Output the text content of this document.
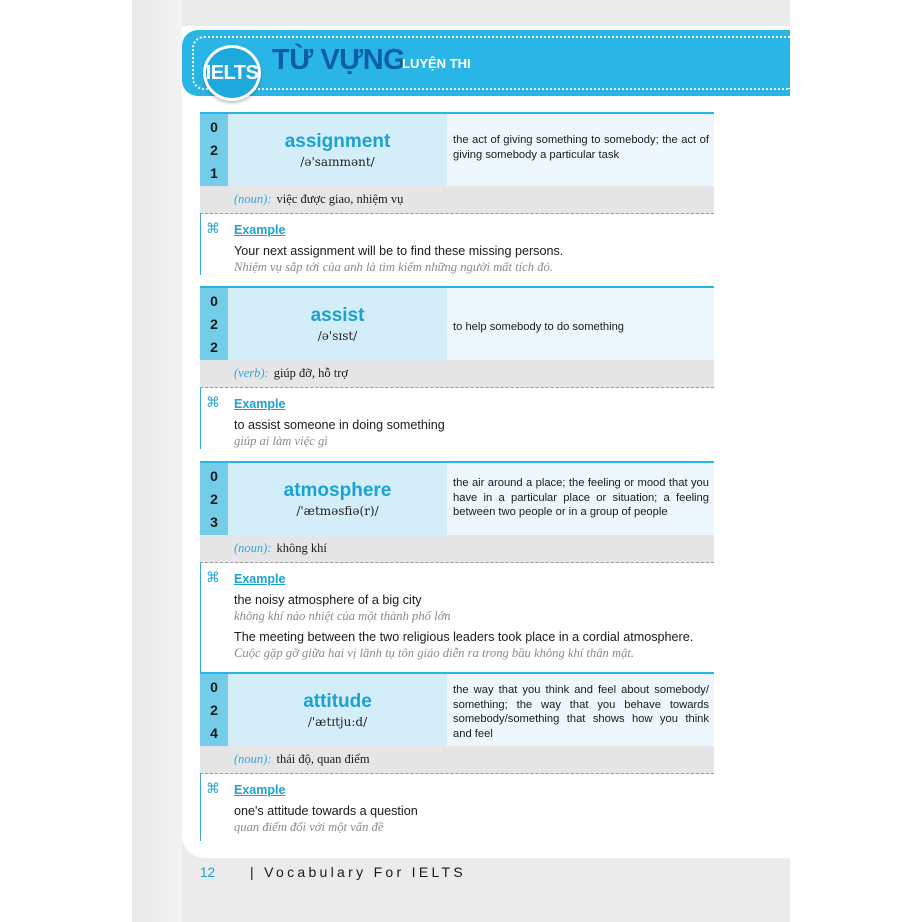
IELTS TỪ VỰNG
LUYỆN THI
0
2
1
assignment
/ə'saɪnmənt/
the act of giving something to somebody; the act of giving somebody a particular task
(noun): việc được giao, nhiệm vụ
⌘ Example
Your next assignment will be to find these missing persons.
Nhiệm vụ sắp tới của anh là tìm kiếm những người mất tích đó.
0
2
2
assist
/ə'sɪst/
to help somebody to do something
(verb): giúp đỡ, hỗ trợ
⌘ Example
to assist someone in doing something
giúp ai làm việc gì
0
2
3
atmosphere
/'ætməsfiə(r)/
the air around a place; the feeling or mood that you have in a particular place or situation; a feeling between two people or in a group of people
(noun): không khí
⌘ Example
the noisy atmosphere of a big city
không khí nảo nhiệt của một thành phố lớn
The meeting between the two religious leaders took place in a cordial atmosphere.
Cuộc gặp gỡ giữa hai vị lãnh tụ tôn giáo diễn ra trong bầu không khí thân mật.
0
2
4
attitude
/'ætɪtju:d/
the way that you think and feel about somebody/ something; the way that you behave towards somebody/something that shows how you think and feel
(noun): thái độ, quan điểm
⌘ Example
one's attitude towards a question
quan điểm đối với một vấn đề
12 | Vocabulary For IELTS
